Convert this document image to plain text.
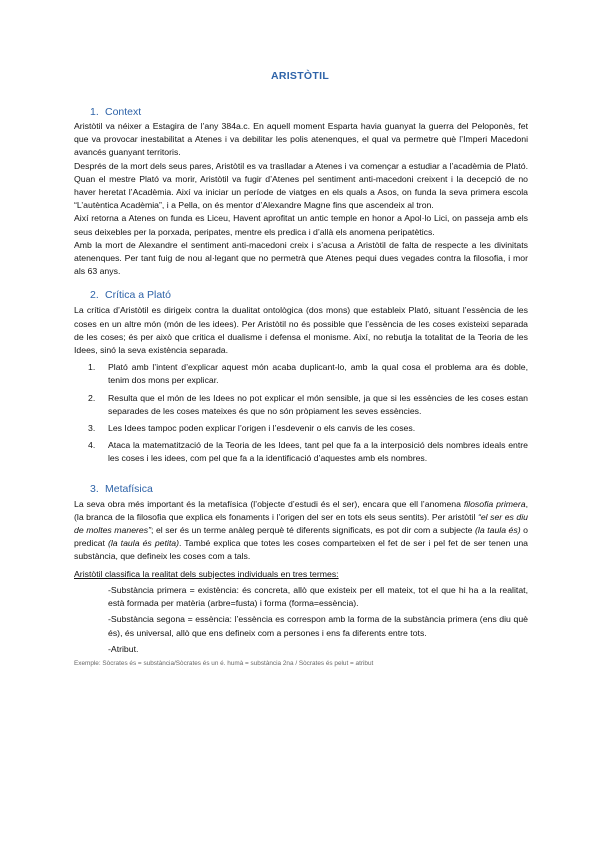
ARISTÒTIL
1. Context

Aristòtil va néixer a Estagira de l’any 384a.c. En aquell moment Esparta havia guanyat la guerra del Peloponès, fet que va provocar inestabilitat a Atenes i va debilitar les polis atenenques, el qual va permetre què l’Imperi Macedoni avancés guanyant territoris.

Després de la mort dels seus pares, Aristòtil es va traslladar a Atenes i va començar a estudiar a l’acadèmia de Plató. Quan el mestre Plató va morir, Aristòtil va fugir d’Atenes pel sentiment anti-macedoni creixent i la decepció de no haver heretat l’Acadèmia. Així va iniciar un període de viatges en els quals a Asos, on funda la seva primera escola “L’autèntica Acadèmia”, i a Pella, on és mentor d’Alexandre Magne fins que ascendeix al tron.

Així retorna a Atenes on funda es Liceu, Havent aprofitat un antic temple en honor a Apol·lo Lici, on passeja amb els seus deixebles per la porxada, peripates, mentre els predica i d’allà els anomena peripatètics.

Amb la mort de Alexandre el sentiment anti-macedoni creix i s’acusa a Aristòtil de falta de respecte a les divinitats atenenques. Per tant fuig de nou al·legant que no permetrà que Atenes pequi dues vegades contra la filosofia, i mor als 63 anys.

2. Crítica a Plató

La crítica d’Aristòtil es dirigeix contra la dualitat ontològica (dos mons) que estableix Plató, situant l’essència de les coses en un altre món (món de les idees). Per Aristòtil no és possible que l’essència de les coses existeixi separada de les coses; és per això que critica el dualisme i defensa el monisme. Així, no rebutja la totalitat de la Teoria de les Idees, sinó la seva existència separada.

1.	Plató amb l’intent d’explicar aquest món acaba duplicant-lo, amb la qual cosa el problema ara és doble, tenim dos mons per explicar.

2.	Resulta que el món de les Idees no pot explicar el món sensible, ja que si les essències de les coses estan separades de les coses mateixes és que no són pròpiament les seves essències.

3.	Les Idees tampoc poden explicar l’origen i l’esdevenir o els canvis de les coses.

4.	Ataca la matematització de la Teoria de les Idees, tant pel que fa a la interposició dels nombres ideals entre les coses i les idees, com pel que fa a la identificació d’aquestes amb els nombres.

3. Metafísica

La seva obra més important és la metafísica (l’objecte d’estudi és el ser), encara que ell l’anomena filosofia primera, (la branca de la filosofia que explica els fonaments i l’origen del ser en tots els seus sentits). Per aristòtil “el ser es diu de moltes maneres”; el ser és un terme anàleg perquè té diferents significats, es pot dir com a subjecte (la taula és) o predicat (la taula és petita). També explica que totes les coses comparteixen el fet de ser i pel fet de ser tenen una substància, que defineix les coses com a tals.

Aristòtil classifica la realitat dels subjectes individuals en tres termes:

-Substància primera = existència: és concreta, allò que existeix per ell mateix, tot el que hi ha a la realitat, està formada per matèria (arbre=fusta) i forma (forma=essència).

-Substància segona = essència: l’essència es correspon amb la forma de la substància primera (ens diu què és), és universal, allò que ens defineix com a persones i ens fa diferents entre tots.

-Atribut.

Exemple: Sòcrates és = substància/Sòcrates és un é. humà = substància 2na / Sòcrates és pelut = atribut
